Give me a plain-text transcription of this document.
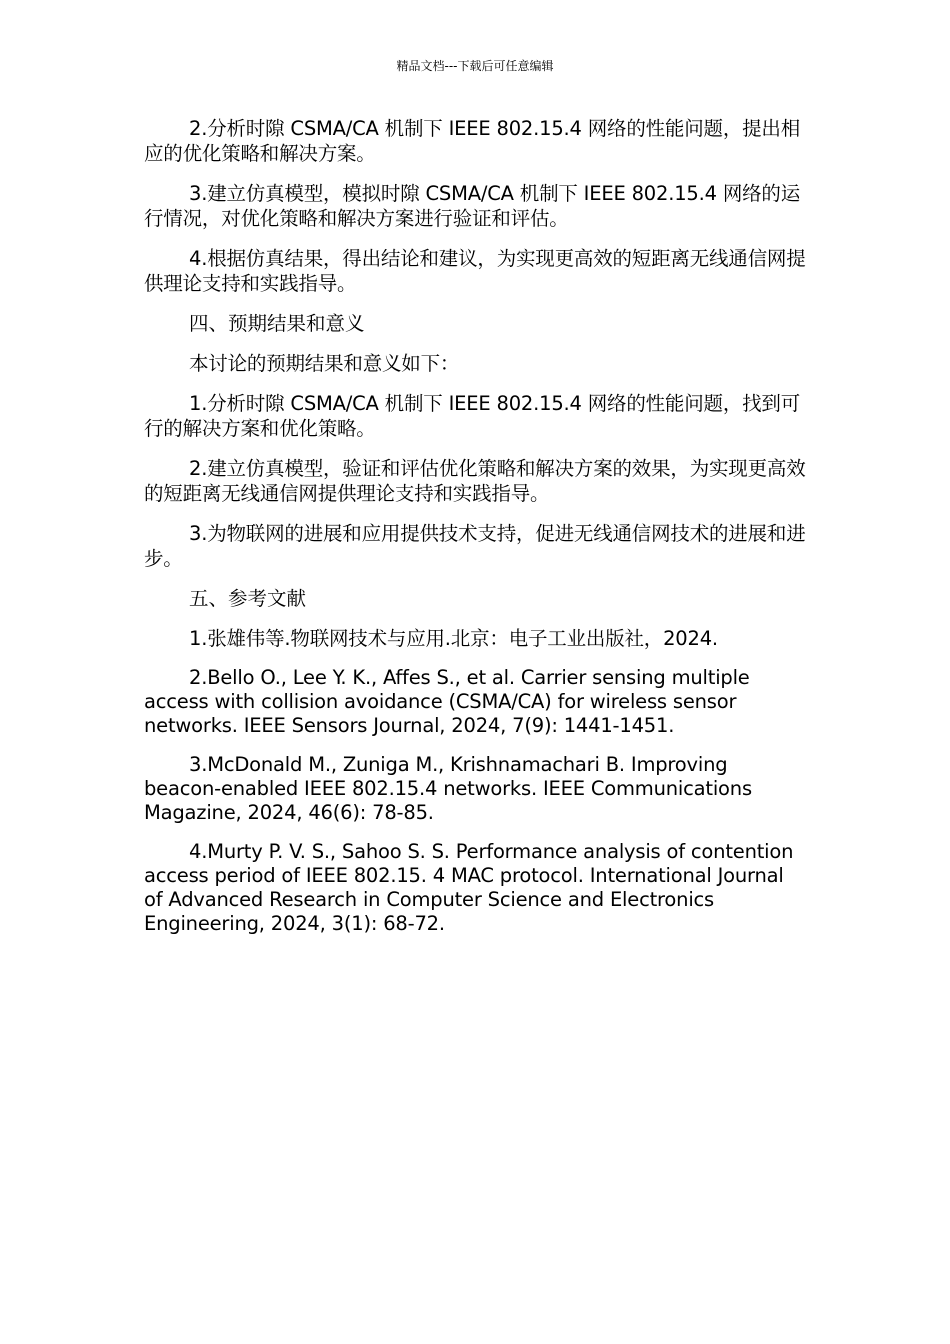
精品文档---下载后可任意编辑

2.分析时隙 CSMA/CA 机制下 IEEE 802.15.4 网络的性能问题，提出相应的优化策略和解决方案。

3.建立仿真模型，模拟时隙 CSMA/CA 机制下 IEEE 802.15.4 网络的运行情况，对优化策略和解决方案进行验证和评估。

4.根据仿真结果，得出结论和建议，为实现更高效的短距离无线通信网提供理论支持和实践指导。

四、预期结果和意义

本讨论的预期结果和意义如下：

1.分析时隙 CSMA/CA 机制下 IEEE 802.15.4 网络的性能问题，找到可行的解决方案和优化策略。

2.建立仿真模型，验证和评估优化策略和解决方案的效果，为实现更高效的短距离无线通信网提供理论支持和实践指导。

3.为物联网的进展和应用提供技术支持，促进无线通信网技术的进展和进步。

五、参考文献

1.张雄伟等.物联网技术与应用.北京：电子工业出版社，2024.

2.Bello O., Lee Y. K., Affes S., et al. Carrier sensing multiple access with collision avoidance (CSMA/CA) for wireless sensor networks. IEEE Sensors Journal, 2024, 7(9): 1441-1451.

3.McDonald M., Zuniga M., Krishnamachari B. Improving beacon-enabled IEEE 802.15.4 networks. IEEE Communications Magazine, 2024, 46(6): 78-85.

4.Murty P. V. S., Sahoo S. S. Performance analysis of contention access period of IEEE 802.15. 4 MAC protocol. International Journal of Advanced Research in Computer Science and Electronics Engineering, 2024, 3(1): 68-72.
